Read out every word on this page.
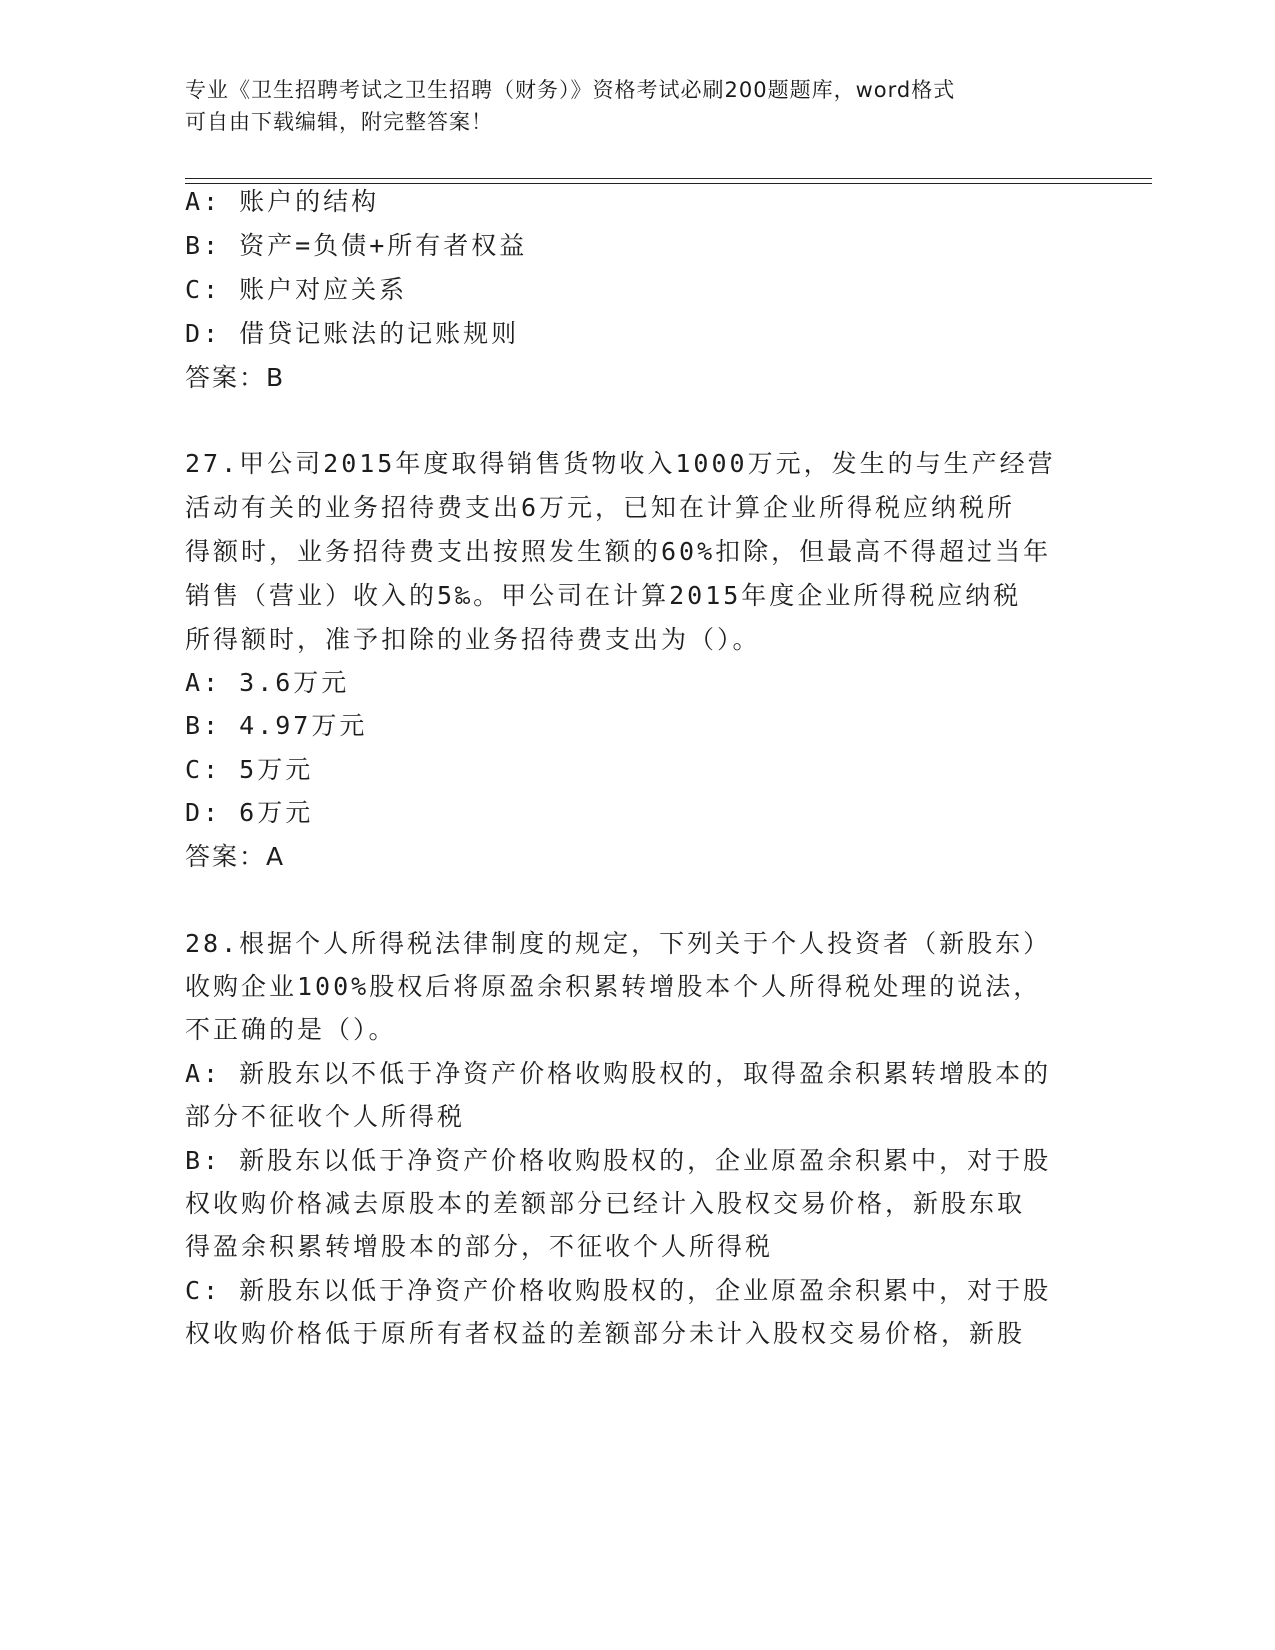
专业《卫生招聘考试之卫生招聘（财务）》资格考试必刷200题题库，word格式
可自由下载编辑，附完整答案！
A: 账户的结构
B: 资产=负债+所有者权益
C: 账户对应关系
D: 借贷记账法的记账规则
答案：B
27.甲公司2015年度取得销售货物收入1000万元，发生的与生产经营
活动有关的业务招待费支出6万元，已知在计算企业所得税应纳税所
得额时，业务招待费支出按照发生额的60%扣除，但最高不得超过当年
销售（营业）收入的5‰。甲公司在计算2015年度企业所得税应纳税
所得额时，准予扣除的业务招待费支出为（）。
A: 3.6万元
B: 4.97万元
C: 5万元
D: 6万元
答案：A
28.根据个人所得税法律制度的规定，下列关于个人投资者（新股东）
收购企业100%股权后将原盈余积累转增股本个人所得税处理的说法，
不正确的是（）。
A: 新股东以不低于净资产价格收购股权的，取得盈余积累转增股本的
部分不征收个人所得税
B: 新股东以低于净资产价格收购股权的，企业原盈余积累中，对于股
权收购价格减去原股本的差额部分已经计入股权交易价格，新股东取
得盈余积累转增股本的部分，不征收个人所得税
C: 新股东以低于净资产价格收购股权的，企业原盈余积累中，对于股
权收购价格低于原所有者权益的差额部分未计入股权交易价格，新股
